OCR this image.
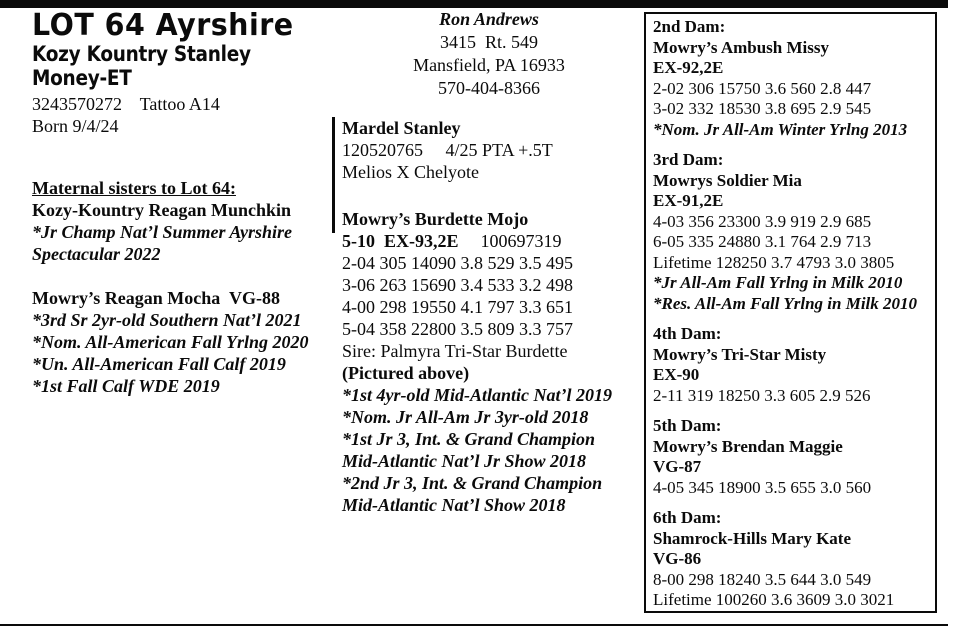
LOT 64 Ayrshire
Kozy Kountry Stanley Money-ET
3243570272    Tattoo A14
Born 9/4/24
Maternal sisters to Lot 64:
Kozy-Kountry Reagan Munchkin
*Jr Champ Nat’l Summer Ayrshire
Spectacular 2022
Mowry’s Reagan Mocha  VG-88
*3rd Sr 2yr-old Southern Nat’l 2021
*Nom. All-American Fall Yrlng 2020
*Un. All-American Fall Calf 2019
*1st Fall Calf WDE 2019
Ron Andrews
3415  Rt. 549
Mansfield, PA 16933
570-404-8366
Mardel Stanley
120520765     4/25 PTA +.5T
Melios X Chelyote
Mowry’s Burdette Mojo
5-10  EX-93,2E 100697319
2-04 305 14090 3.8 529 3.5 495
3-06 263 15690 3.4 533 3.2 498
4-00 298 19550 4.1 797 3.3 651
5-04 358 22800 3.5 809 3.3 757
Sire: Palmyra Tri-Star Burdette
(Pictured above)
*1st 4yr-old Mid-Atlantic Nat’l 2019
*Nom. Jr All-Am Jr 3yr-old 2018
*1st Jr 3, Int. & Grand Champion
Mid-Atlantic Nat’l Jr Show 2018
*2nd Jr 3, Int. & Grand Champion
Mid-Atlantic Nat’l Show 2018
2nd Dam:
Mowry’s Ambush Missy
EX-92,2E
2-02 306 15750 3.6 560 2.8 447
3-02 332 18530 3.8 695 2.9 545
*Nom. Jr All-Am Winter Yrlng 2013
3rd Dam:
Mowrys Soldier Mia
EX-91,2E
4-03 356 23300 3.9 919 2.9 685
6-05 335 24880 3.1 764 2.9 713
Lifetime 128250 3.7 4793 3.0 3805
*Jr All-Am Fall Yrlng in Milk 2010
*Res. All-Am Fall Yrlng in Milk 2010
4th Dam:
Mowry’s Tri-Star Misty
EX-90
2-11 319 18250 3.3 605 2.9 526
5th Dam:
Mowry’s Brendan Maggie
VG-87
4-05 345 18900 3.5 655 3.0 560
6th Dam:
Shamrock-Hills Mary Kate
VG-86
8-00 298 18240 3.5 644 3.0 549
Lifetime 100260 3.6 3609 3.0 3021
